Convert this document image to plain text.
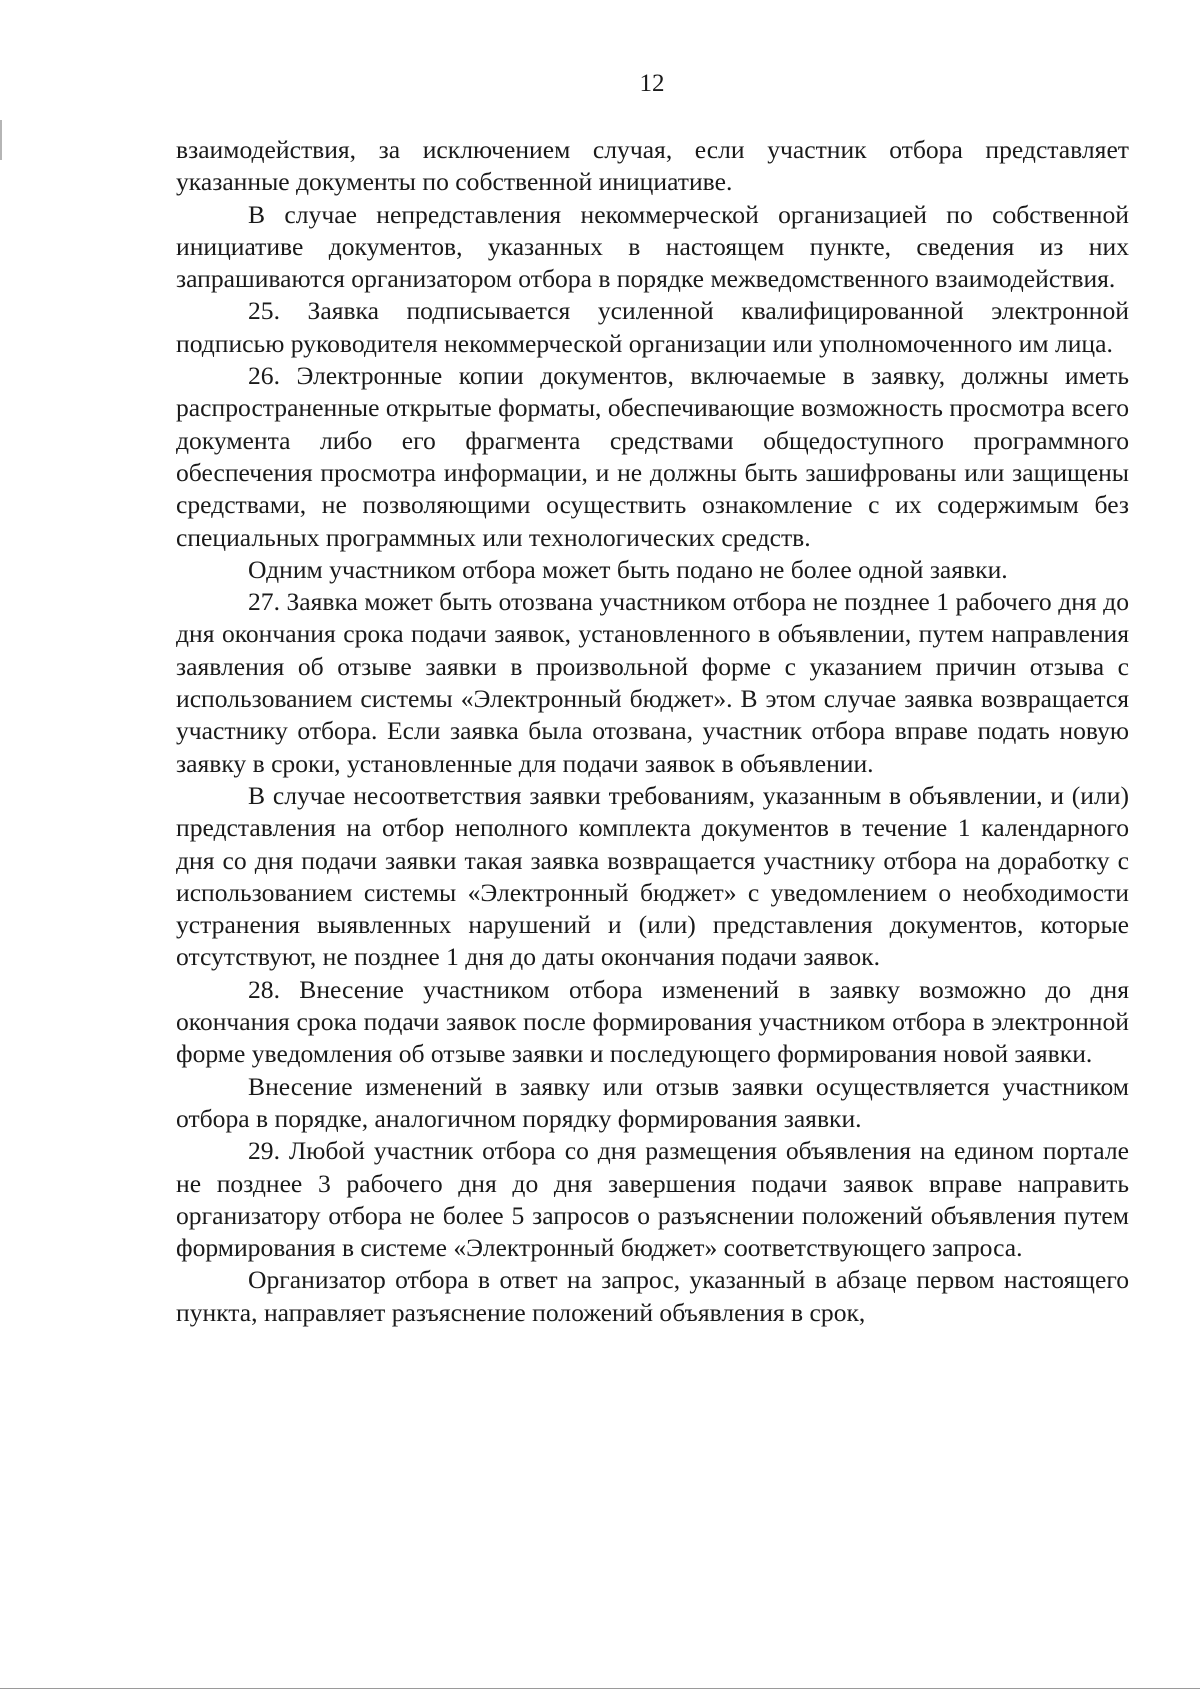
12

взаимодействия, за исключением случая, если участник отбора представляет указанные документы по собственной инициативе.

В случае непредставления некоммерческой организацией по собственной инициативе документов, указанных в настоящем пункте, сведения из них запрашиваются организатором отбора в порядке межведомственного взаимодействия.

25. Заявка подписывается усиленной квалифицированной электронной подписью руководителя некоммерческой организации или уполномоченного им лица.

26. Электронные копии документов, включаемые в заявку, должны иметь распространенные открытые форматы, обеспечивающие возможность просмотра всего документа либо его фрагмента средствами общедоступного программного обеспечения просмотра информации, и не должны быть зашифрованы или защищены средствами, не позволяющими осуществить ознакомление с их содержимым без специальных программных или технологических средств.

Одним участником отбора может быть подано не более одной заявки.

27. Заявка может быть отозвана участником отбора не позднее 1 рабочего дня до дня окончания срока подачи заявок, установленного в объявлении, путем направления заявления об отзыве заявки в произвольной форме с указанием причин отзыва с использованием системы «Электронный бюджет». В этом случае заявка возвращается участнику отбора. Если заявка была отозвана, участник отбора вправе подать новую заявку в сроки, установленные для подачи заявок в объявлении.

В случае несоответствия заявки требованиям, указанным в объявлении, и (или) представления на отбор неполного комплекта документов в течение 1 календарного дня со дня подачи заявки такая заявка возвращается участнику отбора на доработку с использованием системы «Электронный бюджет» с уведомлением о необходимости устранения выявленных нарушений и (или) представления документов, которые отсутствуют, не позднее 1 дня до даты окончания подачи заявок.

28. Внесение участником отбора изменений в заявку возможно до дня окончания срока подачи заявок после формирования участником отбора в электронной форме уведомления об отзыве заявки и последующего формирования новой заявки.

Внесение изменений в заявку или отзыв заявки осуществляется участником отбора в порядке, аналогичном порядку формирования заявки.

29. Любой участник отбора со дня размещения объявления на едином портале не позднее 3 рабочего дня до дня завершения подачи заявок вправе направить организатору отбора не более 5 запросов о разъяснении положений объявления путем формирования в системе «Электронный бюджет» соответствующего запроса.

Организатор отбора в ответ на запрос, указанный в абзаце первом настоящего пункта, направляет разъяснение положений объявления в срок,
